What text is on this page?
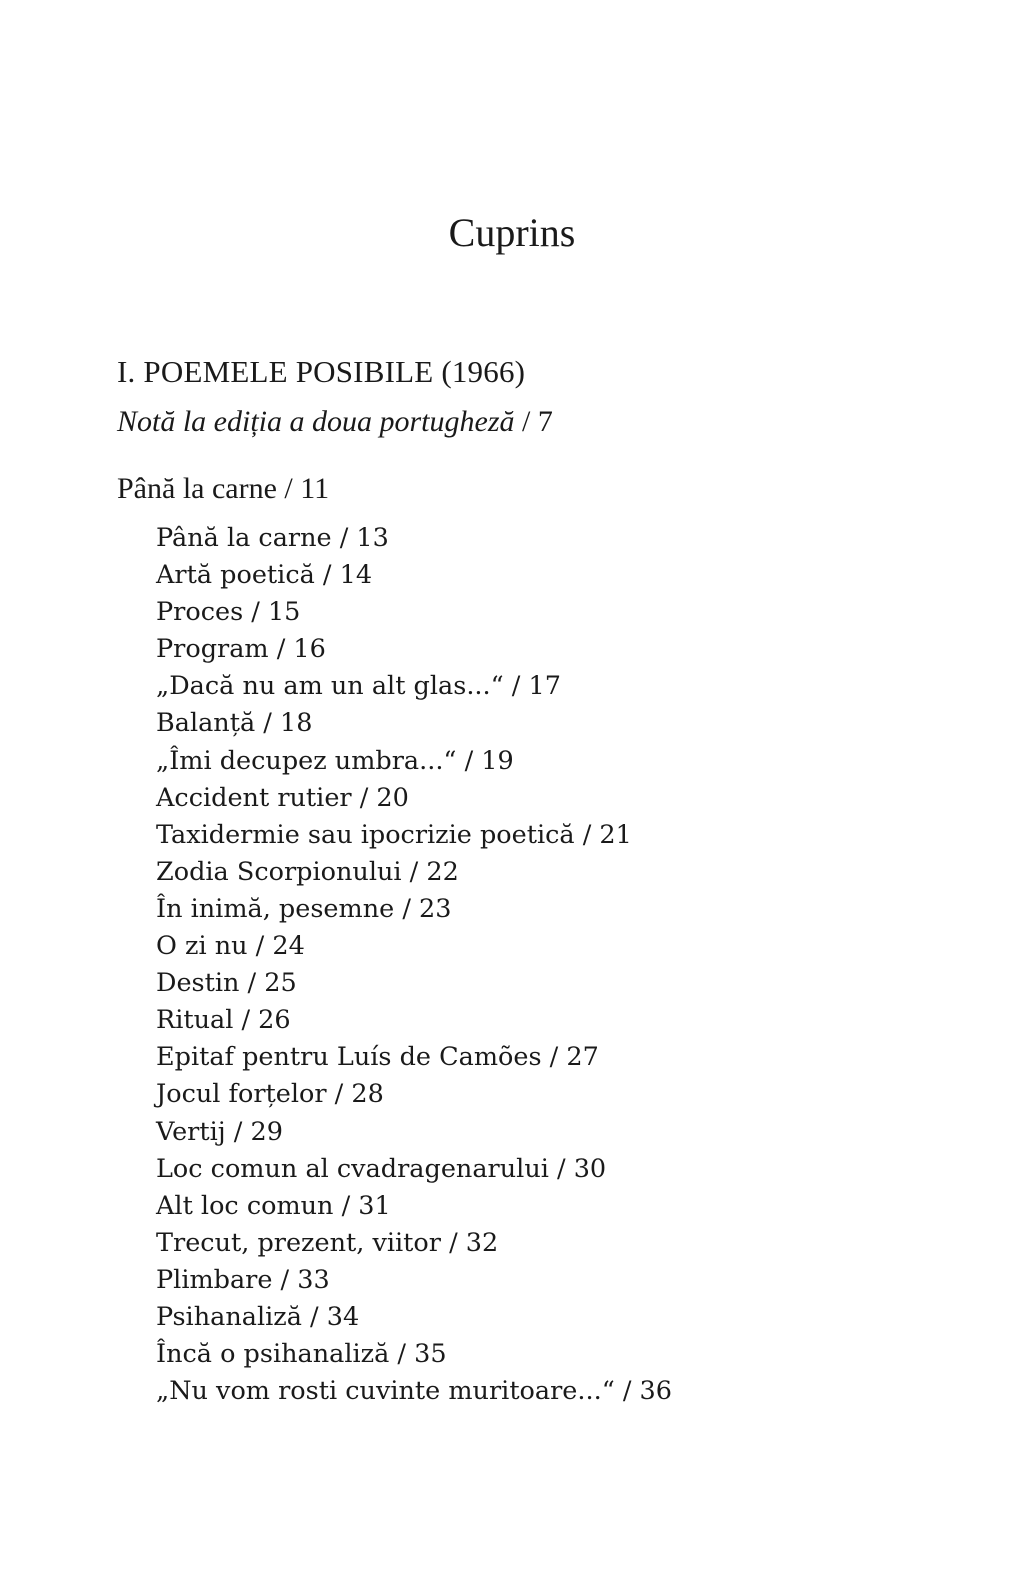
Cuprins
I. POEMELE POSIBILE (1966)
Notă la ediția a doua portugheză / 7
Până la carne / 11
Până la carne / 13
Artă poetică / 14
Proces / 15
Program / 16
„Dacă nu am un alt glas...“ / 17
Balanță / 18
„Îmi decupez umbra...“ / 19
Accident rutier / 20
Taxidermie sau ipocrizie poetică / 21
Zodia Scorpionului / 22
În inimă, pesemne / 23
O zi nu / 24
Destin / 25
Ritual / 26
Epitaf pentru Luís de Camões / 27
Jocul forțelor / 28
Vertij / 29
Loc comun al cvadragenarului / 30
Alt loc comun / 31
Trecut, prezent, viitor / 32
Plimbare / 33
Psihanaliză / 34
Încă o psihanaliză / 35
„Nu vom rosti cuvinte muritoare...“ / 36
